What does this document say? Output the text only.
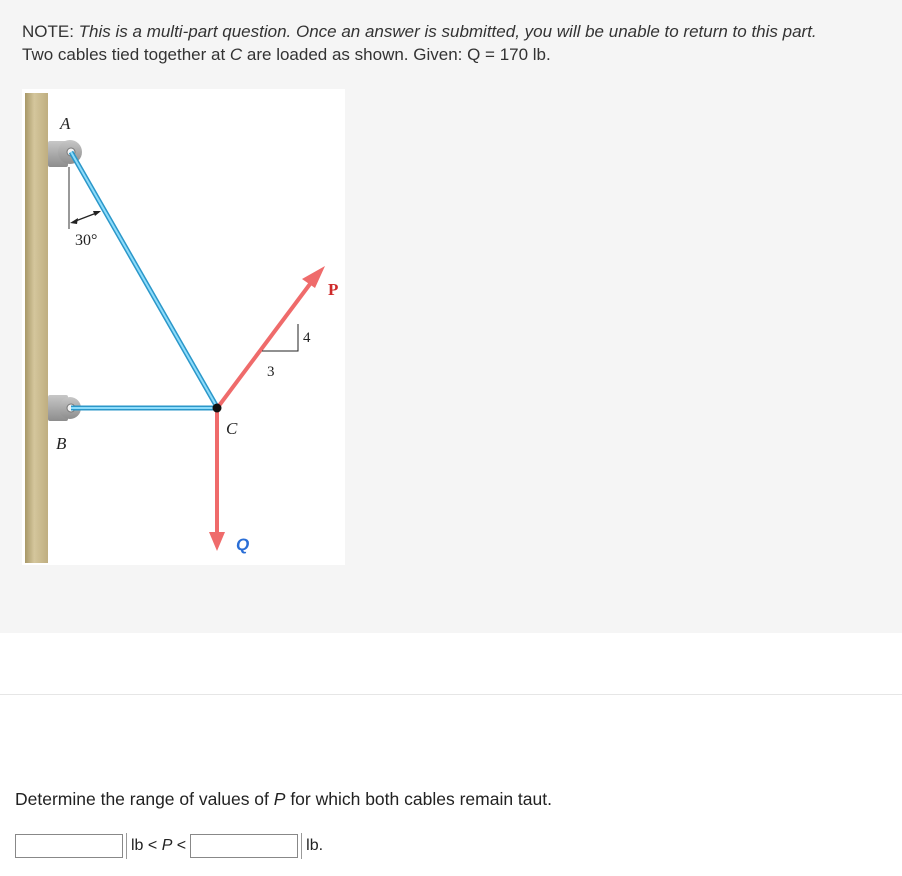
NOTE: This is a multi-part question. Once an answer is submitted, you will be unable to return to this part.
Two cables tied together at C are loaded as shown. Given: Q = 170 lb.
30°
P
4
3
Q
A
B
C
Determine the range of values of P for which both cables remain taut.
lb < P <	lb.
